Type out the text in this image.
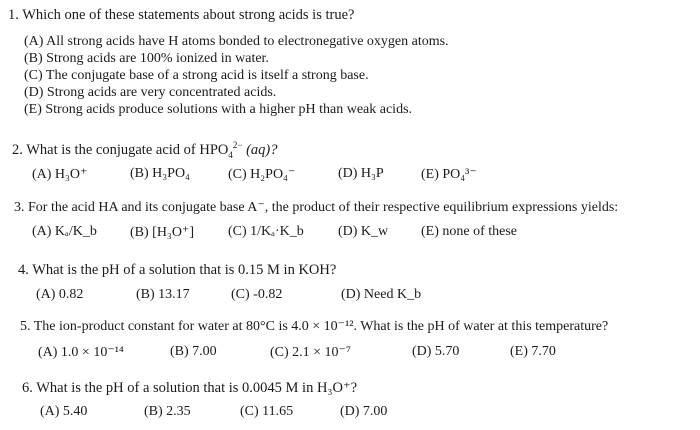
1. Which one of these statements about strong acids is true?
(A) All strong acids have H atoms bonded to electronegative oxygen atoms.
(B) Strong acids are 100% ionized in water.
(C) The conjugate base of a strong acid is itself a strong base.
(D) Strong acids are very concentrated acids.
(E) Strong acids produce solutions with a higher pH than weak acids.
2. What is the conjugate acid of $HPO_4^{2-}$ (aq)?
(A) H₃O⁺	(B) H₃PO₄	(C) H₂PO₄⁻	(D) H₃P	(E) PO₄³⁻
3. For the acid HA and its conjugate base A⁻, the product of their respective equilibrium expressions yields:
(A) Kₐ/K_b (B) [H₃O⁺] (C) 1/Kₐ·K_b (D) K_w (E) none of these
4. What is the pH of a solution that is 0.15 M in KOH?
(A) 0.82	(B) 13.17	(C) -0.82	(D) Need K_b
5. The ion-product constant for water at 80°C is 4.0 × 10⁻¹². What is the pH of water at this temperature?
(A) 1.0 × 10⁻¹⁴	(B) 7.00	(C) 2.1 × 10⁻⁷	(D) 5.70	(E) 7.70
6. What is the pH of a solution that is 0.0045 M in H₃O⁺?
(A) 5.40	(B) 2.35	(C) 11.65	(D) 7.00
